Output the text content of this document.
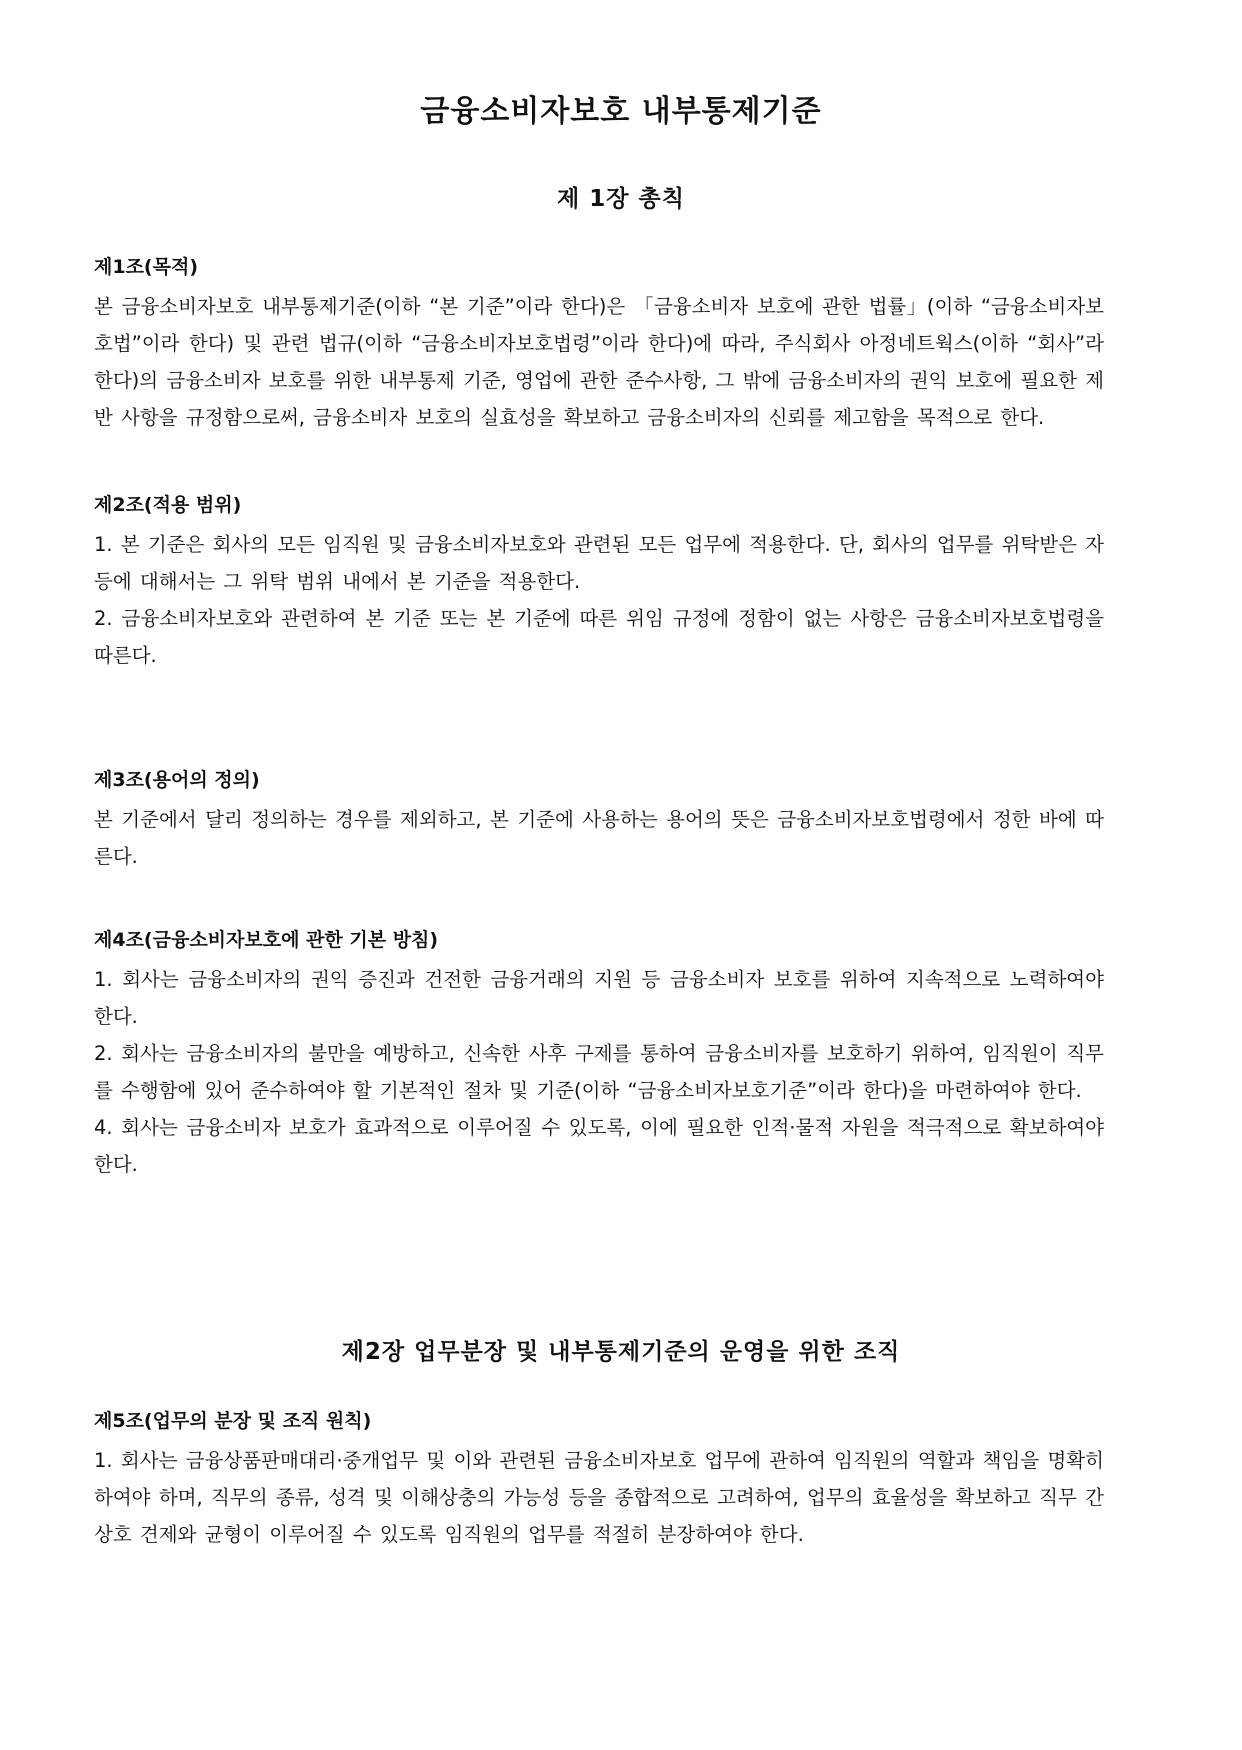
금융소비자보호 내부통제기준
제 1장 총칙
제1조(목적)

본 금융소비자보호 내부통제기준(이하 “본 기준”이라 한다)은 「금융소비자 보호에 관한 법률」(이하 “금융소비자보호법”이라 한다) 및 관련 법규(이하 “금융소비자보호법령”이라 한다)에 따라, 주식회사 아정네트웍스(이하 “회사”라 한다)의 금융소비자 보호를 위한 내부통제 기준, 영업에 관한 준수사항, 그 밖에 금융소비자의 권익 보호에 필요한 제반 사항을 규정함으로써, 금융소비자 보호의 실효성을 확보하고 금융소비자의 신뢰를 제고함을 목적으로 한다.

제2조(적용 범위)

1. 본 기준은 회사의 모든 임직원 및 금융소비자보호와 관련된 모든 업무에 적용한다. 단, 회사의 업무를 위탁받은 자 등에 대해서는 그 위탁 범위 내에서 본 기준을 적용한다.

2. 금융소비자보호와 관련하여 본 기준 또는 본 기준에 따른 위임 규정에 정함이 없는 사항은 금융소비자보호법령을 따른다.

제3조(용어의 정의)

본 기준에서 달리 정의하는 경우를 제외하고, 본 기준에 사용하는 용어의 뜻은 금융소비자보호법령에서 정한 바에 따른다.

제4조(금융소비자보호에 관한 기본 방침)

1. 회사는 금융소비자의 권익 증진과 건전한 금융거래의 지원 등 금융소비자 보호를 위하여 지속적으로 노력하여야 한다.

2. 회사는 금융소비자의 불만을 예방하고, 신속한 사후 구제를 통하여 금융소비자를 보호하기 위하여, 임직원이 직무를 수행함에 있어 준수하여야 할 기본적인 절차 및 기준(이하 “금융소비자보호기준”이라 한다)을 마련하여야 한다.

4. 회사는 금융소비자 보호가 효과적으로 이루어질 수 있도록, 이에 필요한 인적·물적 자원을 적극적으로 확보하여야 한다.

제2장 업무분장 및 내부통제기준의 운영을 위한 조직
제5조(업무의 분장 및 조직 원칙)

1. 회사는 금융상품판매대리·중개업무 및 이와 관련된 금융소비자보호 업무에 관하여 임직원의 역할과 책임을 명확히 하여야 하며, 직무의 종류, 성격 및 이해상충의 가능성 등을 종합적으로 고려하여, 업무의 효율성을 확보하고 직무 간 상호 견제와 균형이 이루어질 수 있도록 임직원의 업무를 적절히 분장하여야 한다.
